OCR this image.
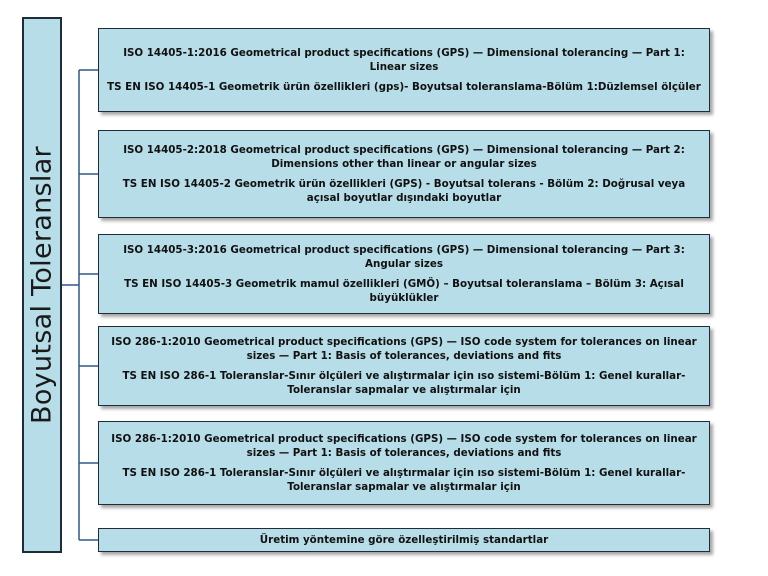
Boyutsal Toleranslar

ISO 14405-1:2016 Geometrical product specifications (GPS) — Dimensional tolerancing — Part 1: Linear sizes

TS EN ISO 14405-1 Geometrik ürün özellikleri (gps)- Boyutsal toleranslama-Bölüm 1:Düzlemsel ölçüler

ISO 14405-2:2018 Geometrical product specifications (GPS) — Dimensional tolerancing — Part 2: Dimensions other than linear or angular sizes

TS EN ISO 14405-2 Geometrik ürün özellikleri (GPS) - Boyutsal tolerans - Bölüm 2: Doğrusal veya açısal boyutlar dışındaki boyutlar

ISO 14405-3:2016 Geometrical product specifications (GPS) — Dimensional tolerancing — Part 3: Angular sizes

TS EN ISO 14405-3 Geometrik mamul özellikleri (GMÖ) – Boyutsal toleranslama – Bölüm 3: Açısal büyüklükler

ISO 286-1:2010 Geometrical product specifications (GPS) — ISO code system for tolerances on linear sizes — Part 1: Basis of tolerances, deviations and fits

TS EN ISO 286-1 Toleranslar-Sınır ölçüleri ve alıştırmalar için ıso sistemi-Bölüm 1: Genel kurallar-Toleranslar sapmalar ve alıştırmalar için

ISO 286-1:2010 Geometrical product specifications (GPS) — ISO code system for tolerances on linear sizes — Part 1: Basis of tolerances, deviations and fits

TS EN ISO 286-1 Toleranslar-Sınır ölçüleri ve alıştırmalar için ıso sistemi-Bölüm 1: Genel kurallar-Toleranslar sapmalar ve alıştırmalar için

Üretim yöntemine göre özelleştirilmiş standartlar
